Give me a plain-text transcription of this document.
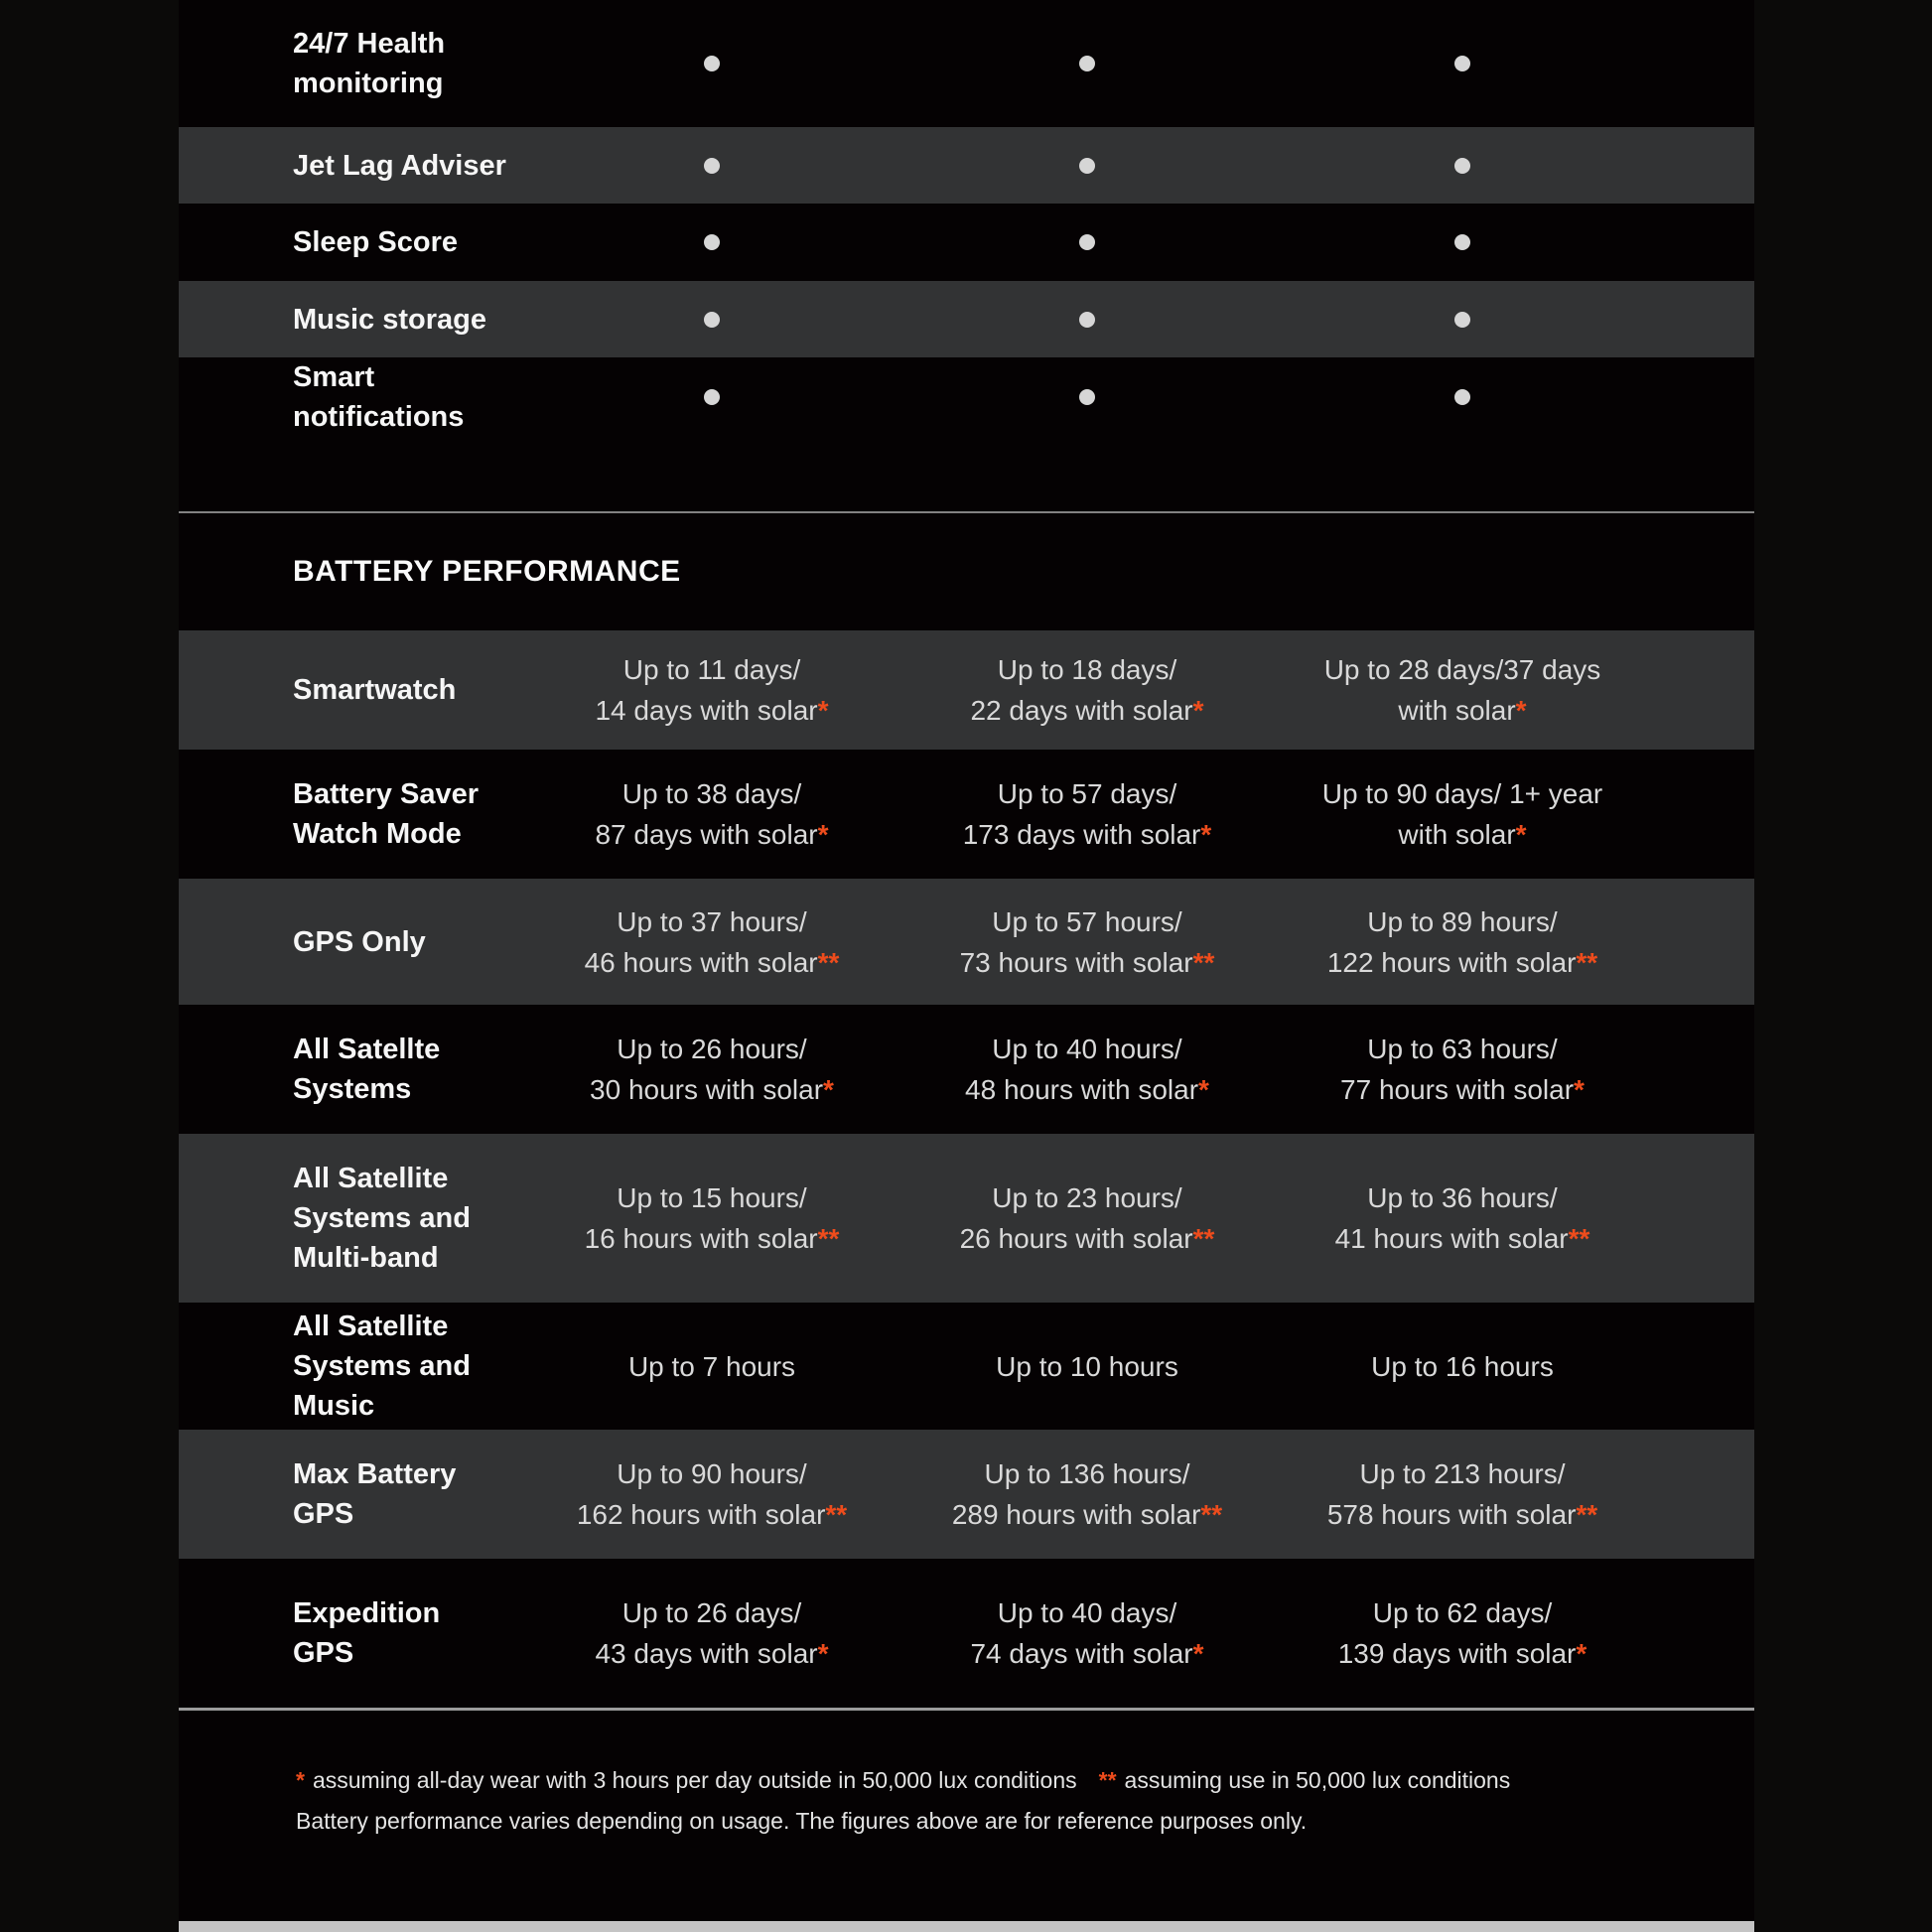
24/7 Health
monitoring
Jet Lag Adviser
Sleep Score
Music storage
Smart notifications
BATTERY PERFORMANCE
Smartwatch
Up to 11 days/
14 days with solar*
Up to 18 days/
22 days with solar*
Up to 28 days/37 days
with solar*
Battery Saver
Watch Mode
Up to 38 days/
87 days with solar*
Up to 57 days/
173 days with solar*
Up to 90 days/ 1+ year
with solar*
GPS Only
Up to 37 hours/
46 hours with solar**
Up to 57 hours/
73 hours with solar**
Up to 89 hours/
122 hours with solar**
All Satellte
Systems
Up to 26 hours/
30 hours with solar*
Up to 40 hours/
48 hours with solar*
Up to 63 hours/
77 hours with solar*
All Satellite
Systems and
Multi-band
Up to 15 hours/
16 hours with solar**
Up to 23 hours/
26 hours with solar**
Up to 36 hours/
41 hours with solar**
All Satellite
Systems and Music
Up to 7 hours	Up to 10 hours	Up to 16 hours
Max Battery
GPS
Up to 90 hours/
162 hours with solar**
Up to 136 hours/
289 hours with solar**
Up to 213 hours/
578 hours with solar**
Expedition
GPS
Up to 26 days/
43 days with solar*
Up to 40 days/
74 days with solar*
Up to 62 days/
139 days with solar*

* assuming all-day wear with 3 hours per day outside in 50,000 lux conditions ** assuming use in 50,000 lux conditions

Battery performance varies depending on usage. The figures above are for reference purposes only.
